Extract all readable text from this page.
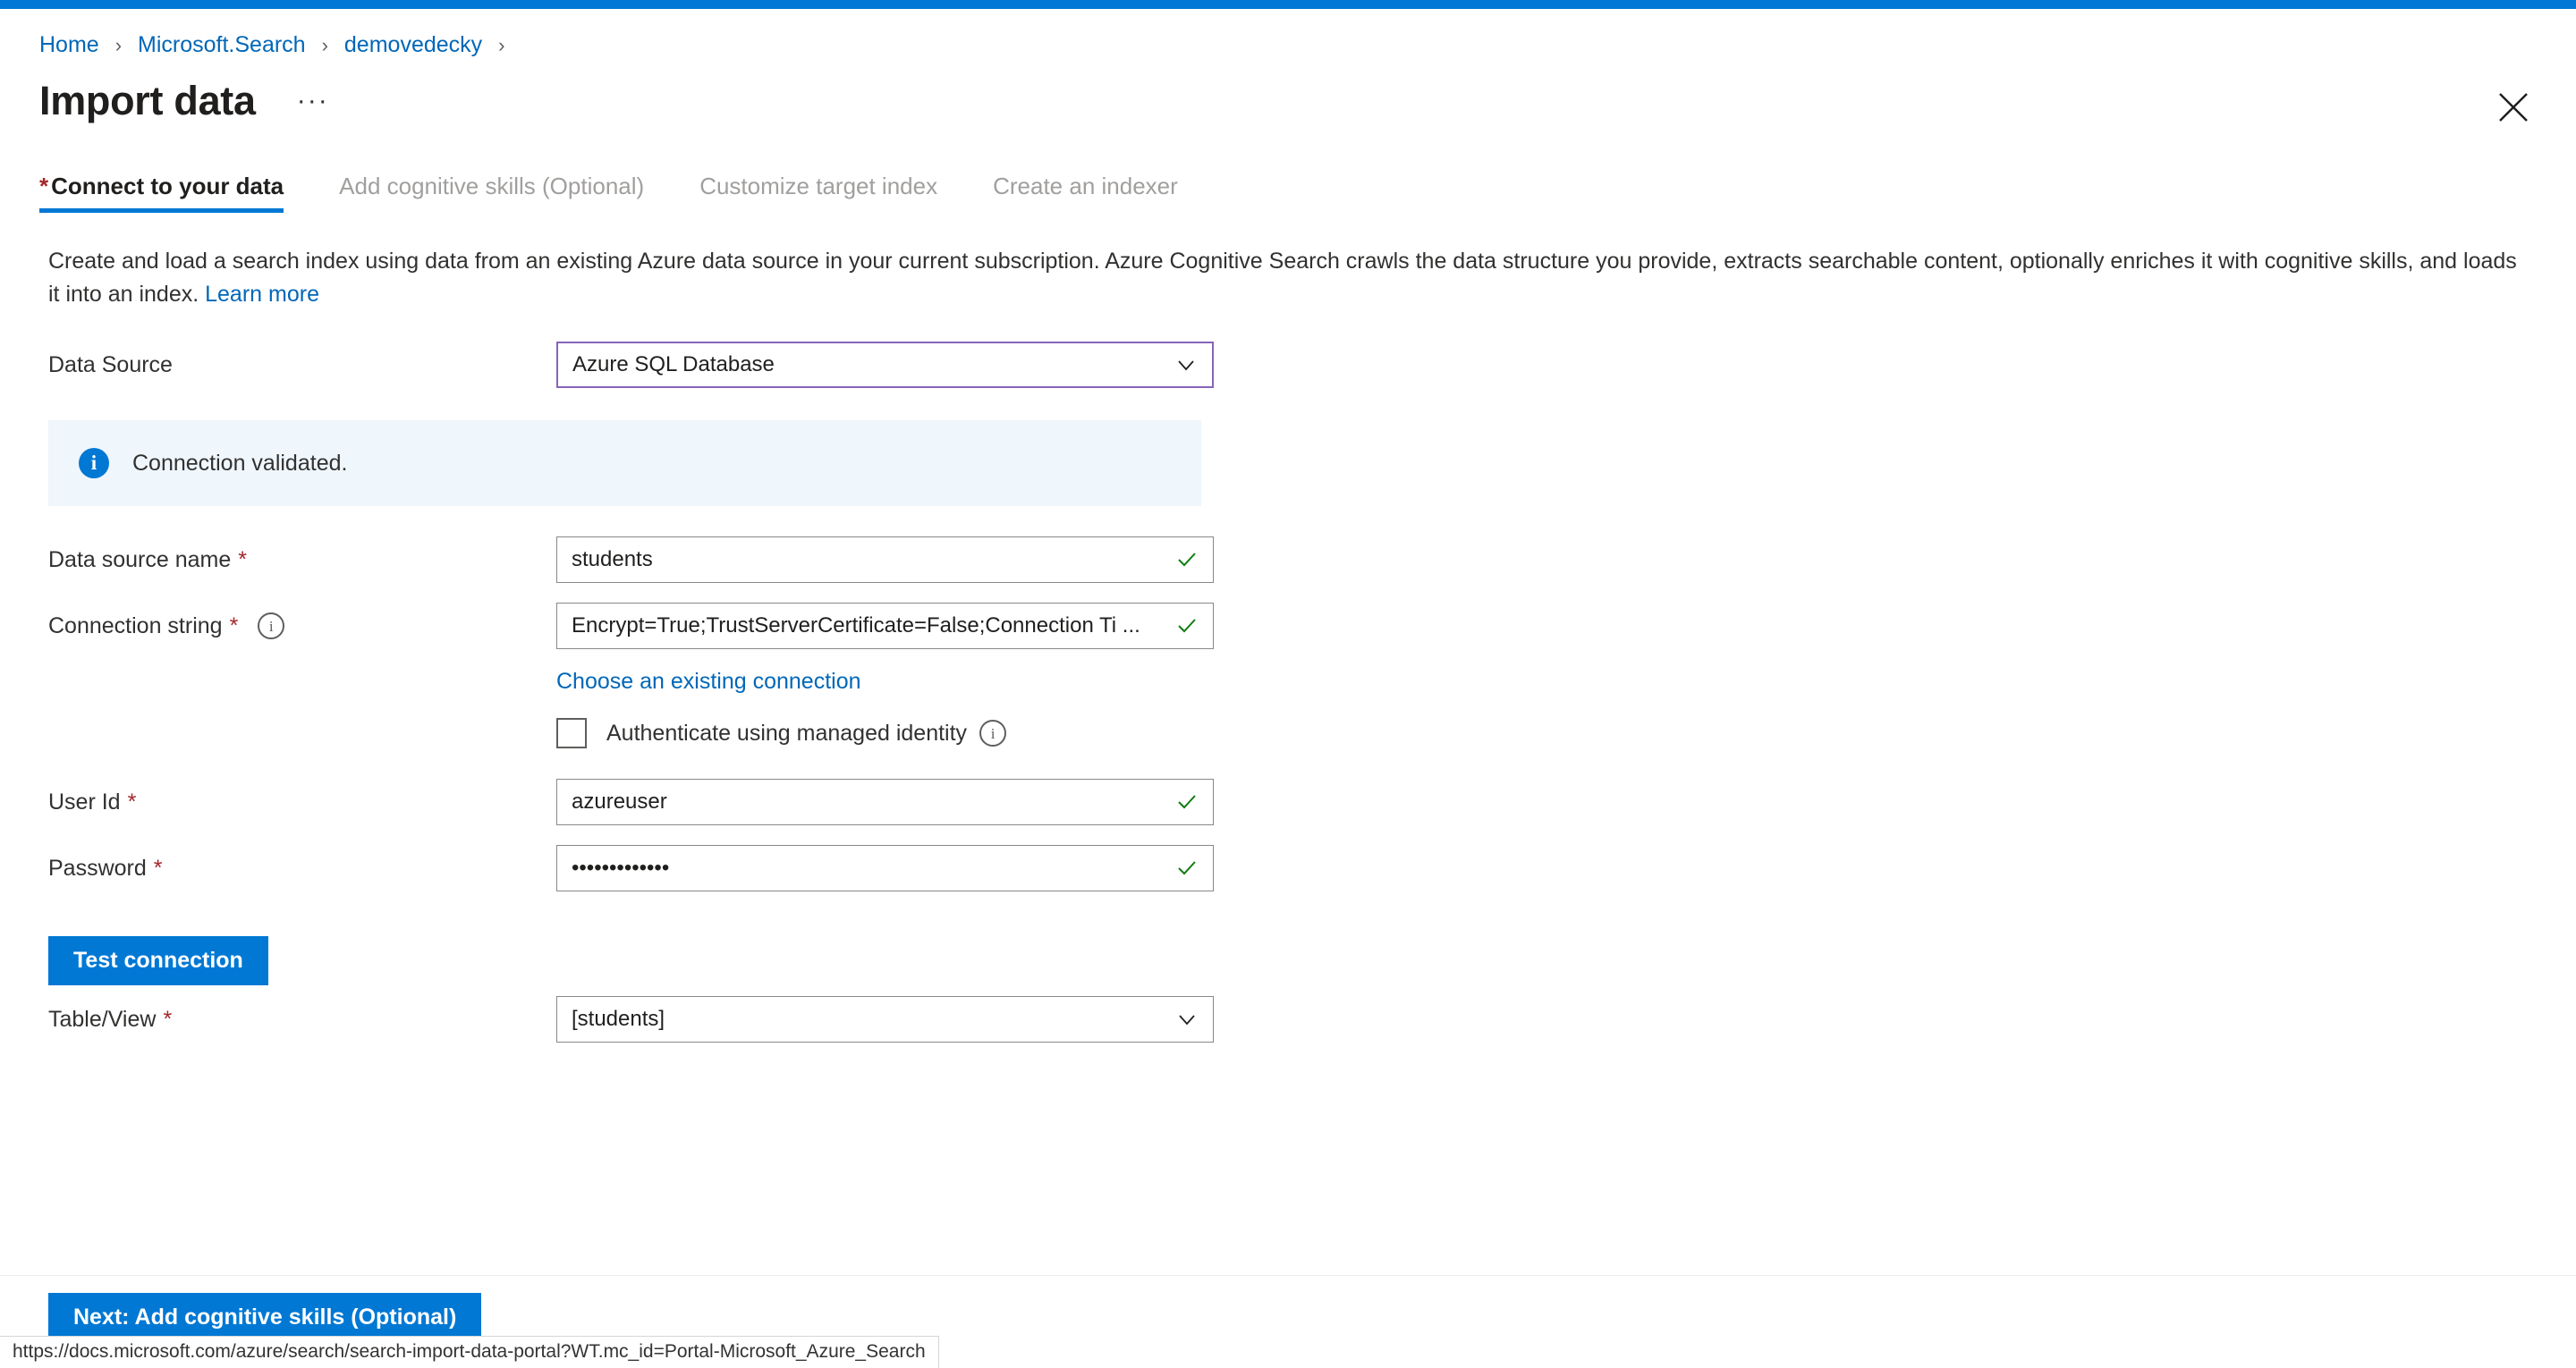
Home › Microsoft.Search › demovedecky ›
Import data	···
* Connect to your data Add cognitive skills (Optional) Customize target index Create an indexer
Create and load a search index using data from an existing Azure data source in your current subscription. Azure Cognitive Search crawls the data structure you provide, extracts searchable content, optionally enriches it with cognitive skills, and loads it into an index. Learn more
Data Source	Azure SQL Database
i	Connection validated.
Data source name *	students
Connection string *	i	Encrypt=True;TrustServerCertificate=False;Connection Ti ...
Choose an existing connection
Authenticate using managed identity	i
User Id *	azureuser
Password *	•••••••••••••
Test connection
Table/View *	[students]
Next: Add cognitive skills (Optional)
https://docs.microsoft.com/azure/search/search-import-data-portal?WT.mc_id=Portal-Microsoft_Azure_Search
